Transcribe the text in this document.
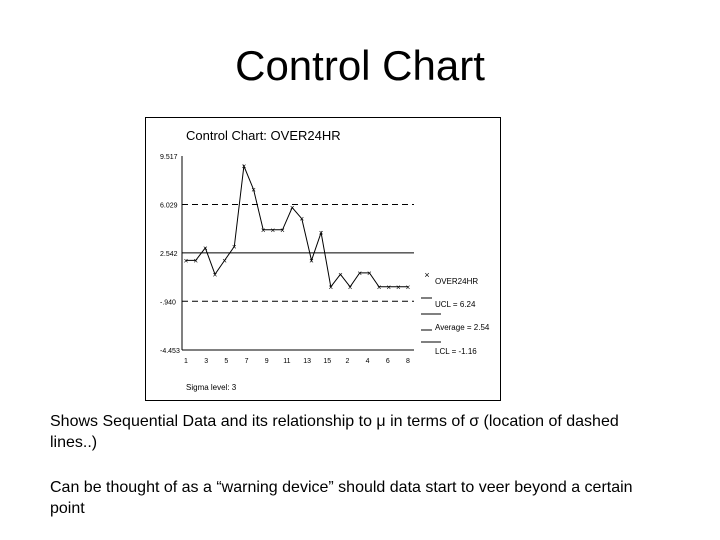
Control Chart
Control Chart: OVER24HR
9.517
6.029
2.542
-.940
-4.453
× ×
×
×
×
×
×
×
× × ×
×
×
×
×
×
×
×
× ×
× × × ×
1 3 5 7 9 11 13 15 2 4 6 8
Sigma level: 3
×
OVER24HR
UCL = 6.24
Average = 2.54
LCL = -1.16
Shows Sequential Data and its relationship to μ in terms of σ (location of dashed lines..)
Can be thought of as a “warning device” should data start to veer beyond a certain point
